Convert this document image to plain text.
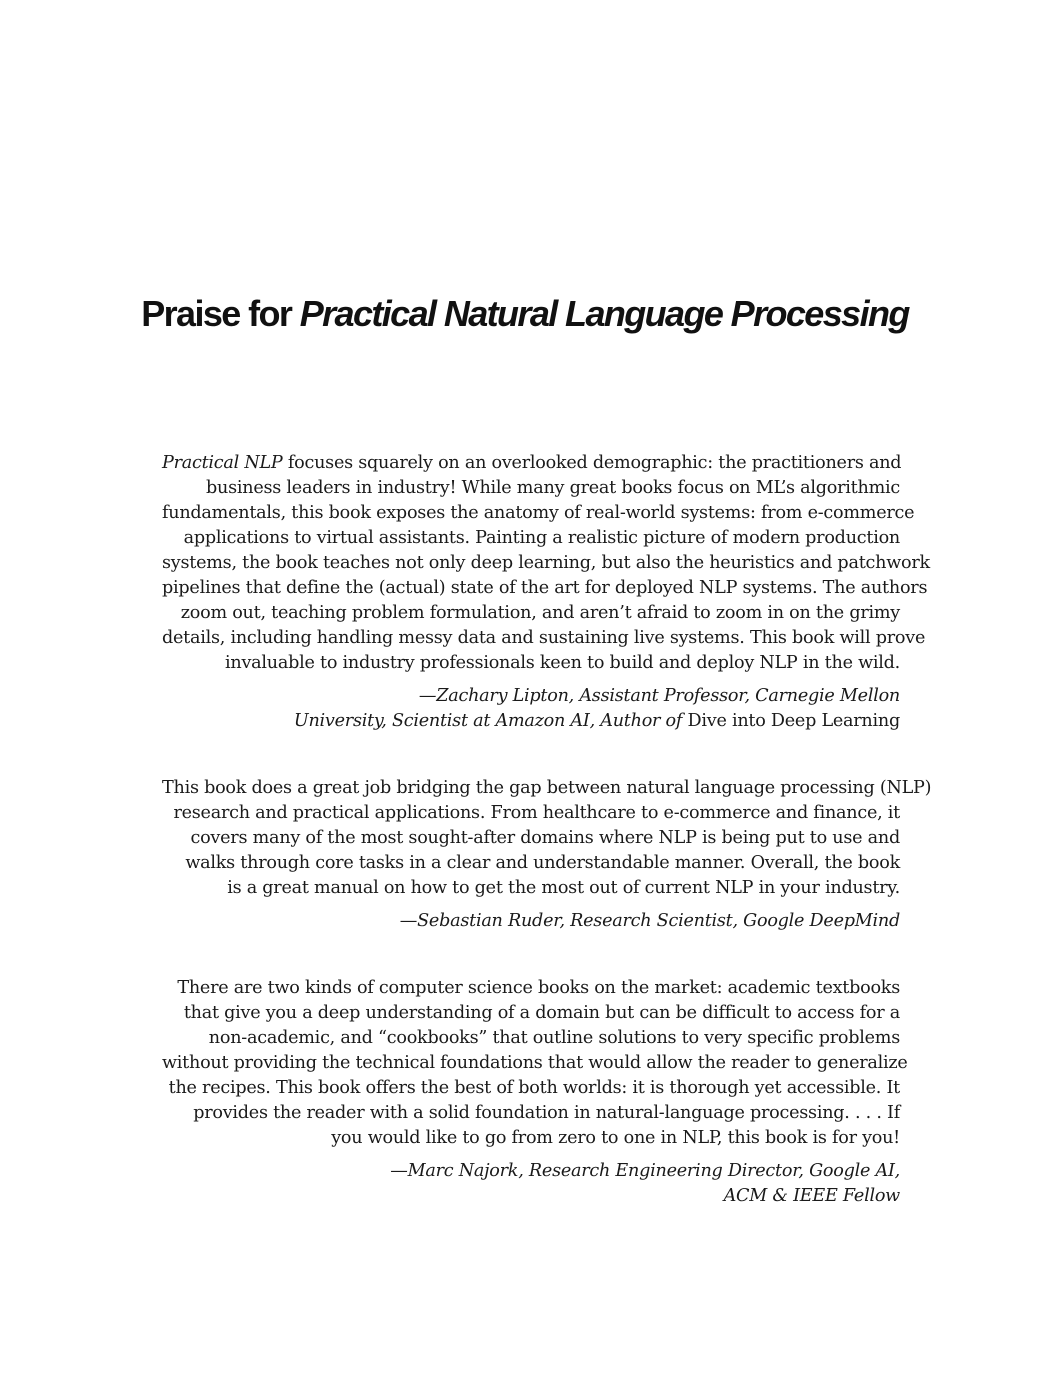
Praise for Practical Natural Language Processing
Practical NLP focuses squarely on an overlooked demographic: the practitioners and
business leaders in industry! While many great books focus on ML’s algorithmic
fundamentals, this book exposes the anatomy of real-world systems: from e-commerce
applications to virtual assistants. Painting a realistic picture of modern production
systems, the book teaches not only deep learning, but also the heuristics and patchwork
pipelines that define the (actual) state of the art for deployed NLP systems. The authors
zoom out, teaching problem formulation, and aren’t afraid to zoom in on the grimy
details, including handling messy data and sustaining live systems. This book will prove
invaluable to industry professionals keen to build and deploy NLP in the wild.
—Zachary Lipton, Assistant Professor, Carnegie Mellon
University, Scientist at Amazon AI, Author of Dive into Deep Learning
This book does a great job bridging the gap between natural language processing (NLP)
research and practical applications. From healthcare to e-commerce and finance, it
covers many of the most sought-after domains where NLP is being put to use and
walks through core tasks in a clear and understandable manner. Overall, the book
is a great manual on how to get the most out of current NLP in your industry.
—Sebastian Ruder, Research Scientist, Google DeepMind
There are two kinds of computer science books on the market: academic textbooks
that give you a deep understanding of a domain but can be difficult to access for a
non-academic, and “cookbooks” that outline solutions to very specific problems
without providing the technical foundations that would allow the reader to generalize
the recipes. This book offers the best of both worlds: it is thorough yet accessible. It
provides the reader with a solid foundation in natural-language processing. . . . If
you would like to go from zero to one in NLP, this book is for you!
—Marc Najork, Research Engineering Director, Google AI,
ACM & IEEE Fellow
